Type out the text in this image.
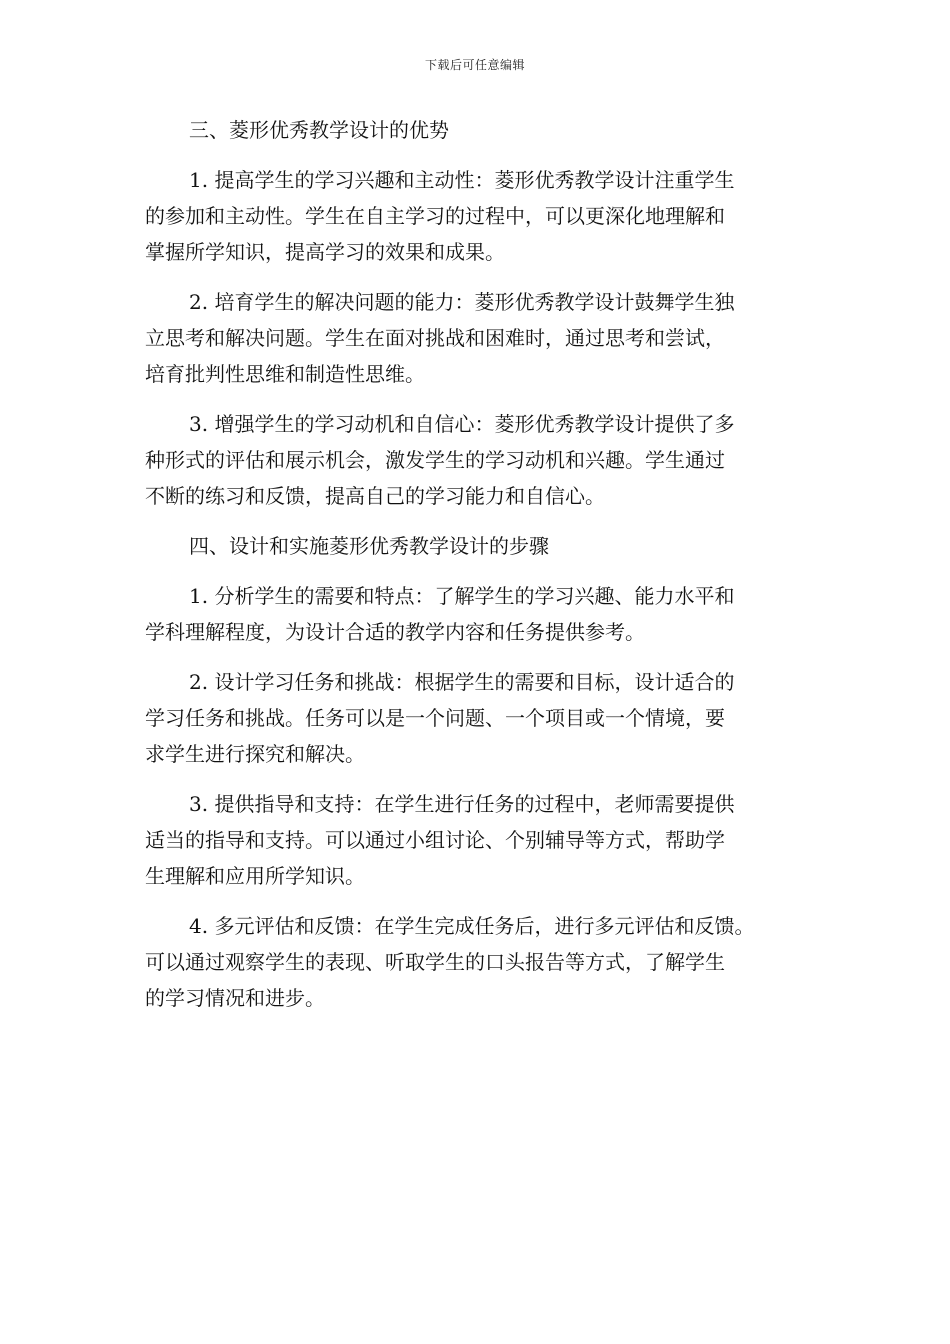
下载后可任意编辑
三、菱形优秀教学设计的优势
1. 提高学生的学习兴趣和主动性：菱形优秀教学设计注重学生
的参加和主动性。学生在自主学习的过程中，可以更深化地理解和
掌握所学知识，提高学习的效果和成果。
2. 培育学生的解决问题的能力：菱形优秀教学设计鼓舞学生独
立思考和解决问题。学生在面对挑战和困难时，通过思考和尝试，
培育批判性思维和制造性思维。
3. 增强学生的学习动机和自信心：菱形优秀教学设计提供了多
种形式的评估和展示机会，激发学生的学习动机和兴趣。学生通过
不断的练习和反馈，提高自己的学习能力和自信心。
四、设计和实施菱形优秀教学设计的步骤
1. 分析学生的需要和特点：了解学生的学习兴趣、能力水平和
学科理解程度，为设计合适的教学内容和任务提供参考。
2. 设计学习任务和挑战：根据学生的需要和目标，设计适合的
学习任务和挑战。任务可以是一个问题、一个项目或一个情境，要
求学生进行探究和解决。
3. 提供指导和支持：在学生进行任务的过程中，老师需要提供
适当的指导和支持。可以通过小组讨论、个别辅导等方式，帮助学
生理解和应用所学知识。
4. 多元评估和反馈：在学生完成任务后，进行多元评估和反馈。
可以通过观察学生的表现、听取学生的口头报告等方式，了解学生
的学习情况和进步。
